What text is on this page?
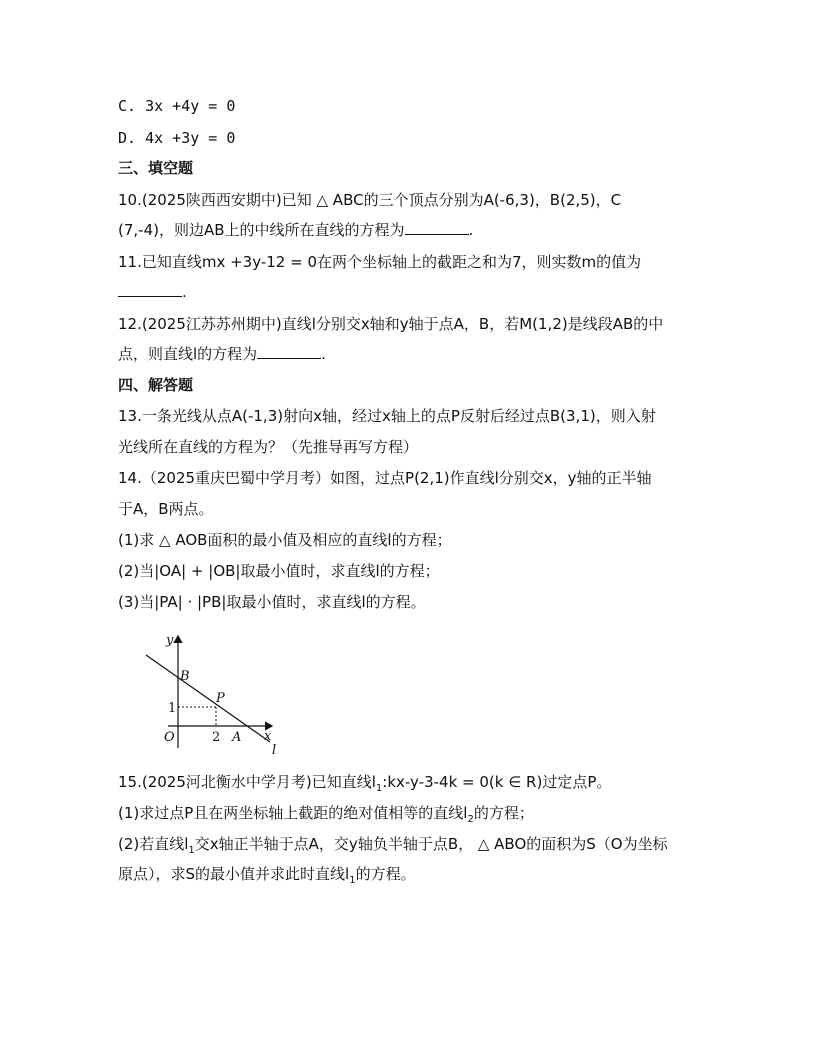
C. 3x +4y = 0
D. 4x +3y = 0
三、填空题
10.(2025陕西西安期中)已知 △ ABC的三个顶点分别为A(-6,3)，B(2,5)，C
(7,-4)，则边AB上的中线所在直线的方程为	.
11.已知直线mx +3y-12 = 0在两个坐标轴上的截距之和为7，则实数m的值为
.
12.(2025江苏苏州期中)直线l分别交x轴和y轴于点A，B，若M(1,2)是线段AB的中
点，则直线l的方程为	.
四、解答题
13.一条光线从点A(-1,3)射向x轴，经过x轴上的点P反射后经过点B(3,1)，则入射
光线所在直线的方程为？（先推导再写方程）
14.（2025重庆巴蜀中学月考）如图，过点P(2,1)作直线l分别交x，y轴的正半轴
于A，B两点。
(1)求 △ AOB面积的最小值及相应的直线l的方程；
(2)当|OA| + |OB|取最小值时，求直线l的方程；
(3)当|PA| · |PB|取最小值时，求直线l的方程。
y
x
O
B
P
A
l
1
2
15.(2025河北衡水中学月考)已知直线$l_1:kx-y-3-4k = 0(k$ ∈ R)过定点P。
(1)求过点P且在两坐标轴上截距的绝对值相等的直线$l_2$的方程；
(2)若直线$l_1$交x轴正半轴于点A，交y轴负半轴于点B， △ ABO的面积为S（O为坐标
原点），求S的最小值并求此时直线$l_1$的方程。
